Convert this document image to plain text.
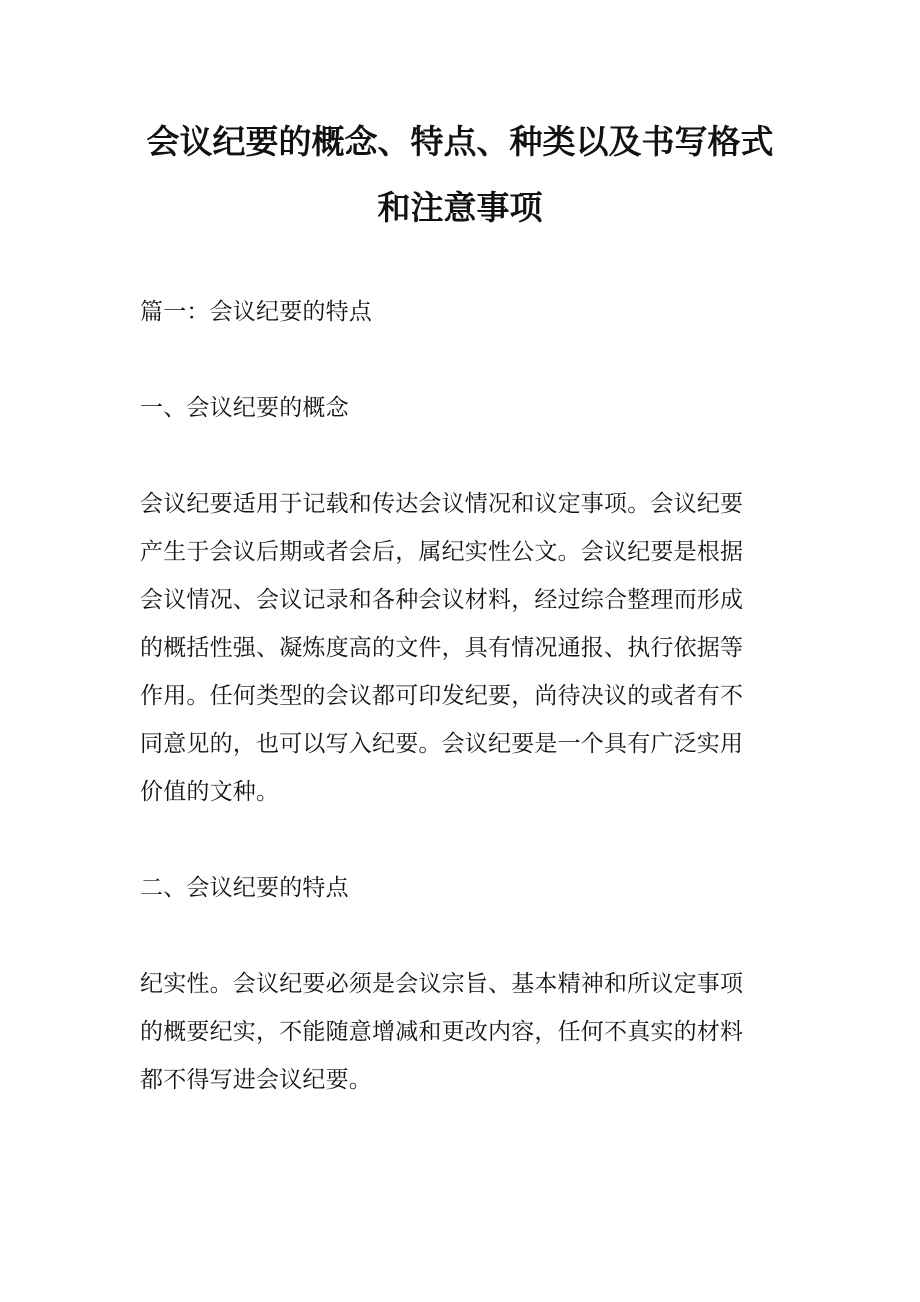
会议纪要的概念、特点、种类以及书写格式
和注意事项

篇一：会议纪要的特点

一、会议纪要的概念

会议纪要适用于记载和传达会议情况和议定事项。会议纪要
产生于会议后期或者会后，属纪实性公文。会议纪要是根据
会议情况、会议记录和各种会议材料，经过综合整理而形成
的概括性强、凝炼度高的文件，具有情况通报、执行依据等
作用。任何类型的会议都可印发纪要，尚待决议的或者有不
同意见的，也可以写入纪要。会议纪要是一个具有广泛实用
价值的文种。

二、会议纪要的特点

纪实性。会议纪要必须是会议宗旨、基本精神和所议定事项
的概要纪实，不能随意增减和更改内容，任何不真实的材料
都不得写进会议纪要。
